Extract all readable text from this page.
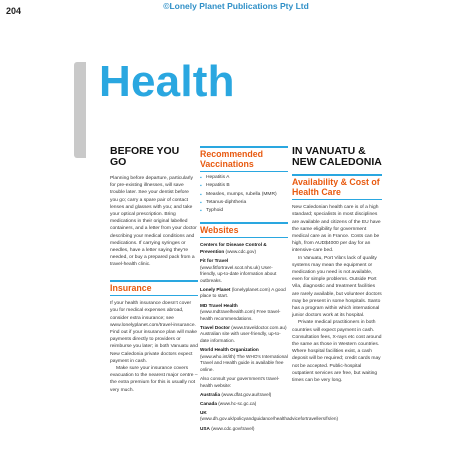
204	©Lonely Planet Publications Pty Ltd
Health
BEFORE YOU GO

Planning before departure, particularly for pre-existing illnesses, will save trouble later. See your dentist before you go; carry a spare pair of contact lenses and glasses with you; and take your optical prescription. Bring medications in their original labelled containers, and a letter from your doctor describing your medical conditions and medications. If carrying syringes or needles, have a letter saying they're needed, or buy a prepared pack from a travel-health clinic.

Insurance

If your health insurance doesn't cover you for medical expenses abroad, consider extra insurance; see www.lonelyplanet.com/travel-insurance. Find out if your insurance plan will make payments directly to providers or reimburse you later; in both Vanuatu and New Caledonia private doctors expect payment in cash.

Make sure your insurance covers evacuation to the nearest major centre – the extra premium for this is usually not very much.

Recommended Vaccinations
▪ Hepatitis A
▪ Hepatitis B
▪ Measles, mumps, rubella (MMR)
▪ Tetanus-diphtheria
▪ Typhoid
Websites
Centers for Disease Control & Prevention (www.cdc.gov)
Fit for Travel (www.fitfortravel.scot.nhs.uk) User-friendly, up-to-date information about outbreaks.
Lonely Planet (lonelyplanet.com) A good place to start.
MD Travel Health (www.mdtravelhealth.com) Free travel-health recommendations.
Travel Doctor (www.traveldoctor.com.au) Australian site with user-friendly, up-to-date information.
World Health Organization (www.who.int/ith) The WHO's International Travel and Health guide is available free online.
Also consult your government's travel-health website:
Australia (www.dfat.gov.au/travel)
Canada (www.hc-sc.gc.ca)
UK (www.dh.gov.uk/policyandguidance/healthadvicefortravellers/fs/en)
USA (www.cdc.gov/travel)
IN VANUATU & NEW CALEDONIA
Availability & Cost of Health Care

New Caledonian health care is of a high standard; specialists in most disciplines are available and citizens of the EU have the same eligibility for government medical care as in France. Costs can be high, from AUD$4000 per day for an intensive-care bed.

In Vanuatu, Port Vila's lack of quality systems may mean the equipment or medication you need is not available, even for simple problems. Outside Port Vila, diagnostic and treatment facilities are rarely available, but volunteer doctors may be present in some hospitals. Santo has a program within which international junior doctors work at its hospital.

Private medical practitioners in both countries will expect payment in cash. Consultation fees, X-rays etc cost around the same as those in Western countries. Where hospital facilities exist, a cash deposit will be required; credit cards may not be accepted. Public-hospital outpatient services are free, but waiting times can be very long.
